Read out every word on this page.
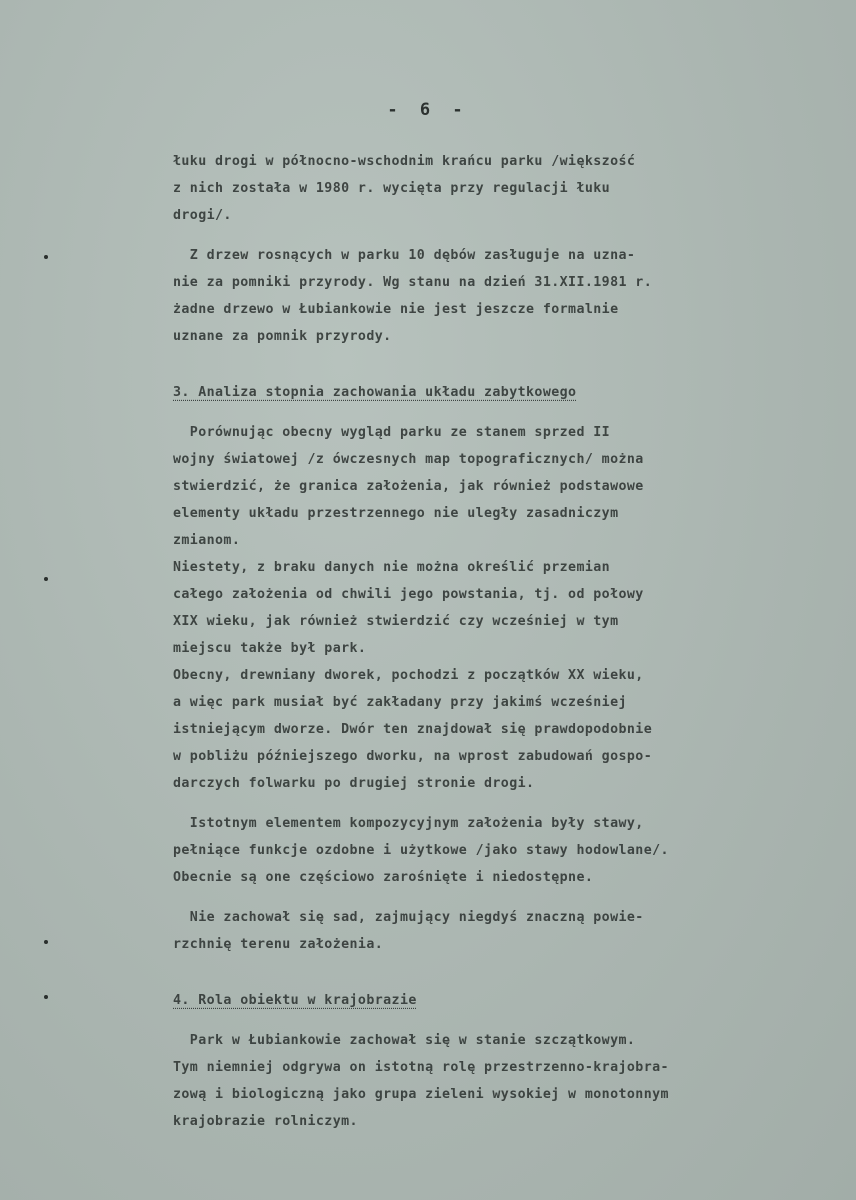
- 6 -
łuku drogi w północno-wschodnim krańcu parku /większość
z nich została w 1980 r. wycięta przy regulacji łuku
drogi/.
Z drzew rosnących w parku 10 dębów zasługuje na uzna-
nie za pomniki przyrody. Wg stanu na dzień 31.XII.1981 r.
żadne drzewo w Łubiankowie nie jest jeszcze formalnie
uznane za pomnik przyrody.
3. Analiza stopnia zachowania układu zabytkowego
Porównując obecny wygląd parku ze stanem sprzed II
wojny światowej /z ówczesnych map topograficznych/ można
stwierdzić, że granica założenia, jak również podstawowe
elementy układu przestrzennego nie uległy zasadniczym
zmianom.
Niestety, z braku danych nie można określić przemian
całego założenia od chwili jego powstania, tj. od połowy
XIX wieku, jak również stwierdzić czy wcześniej w tym
miejscu także był park.
Obecny, drewniany dworek, pochodzi z początków XX wieku,
a więc park musiał być zakładany przy jakimś wcześniej
istniejącym dworze. Dwór ten znajdował się prawdopodobnie
w pobliżu późniejszego dworku, na wprost zabudowań gospo-
darczych folwarku po drugiej stronie drogi.
Istotnym elementem kompozycyjnym założenia były stawy,
pełniące funkcje ozdobne i użytkowe /jako stawy hodowlane/.
Obecnie są one częściowo zarośnięte i niedostępne.
Nie zachował się sad, zajmujący niegdyś znaczną powie-
rzchnię terenu założenia.
4. Rola obiektu w krajobrazie
Park w Łubiankowie zachował się w stanie szczątkowym.
Tym niemniej odgrywa on istotną rolę przestrzenno-krajobra-
zową i biologiczną jako grupa zieleni wysokiej w monotonnym
krajobrazie rolniczym.
